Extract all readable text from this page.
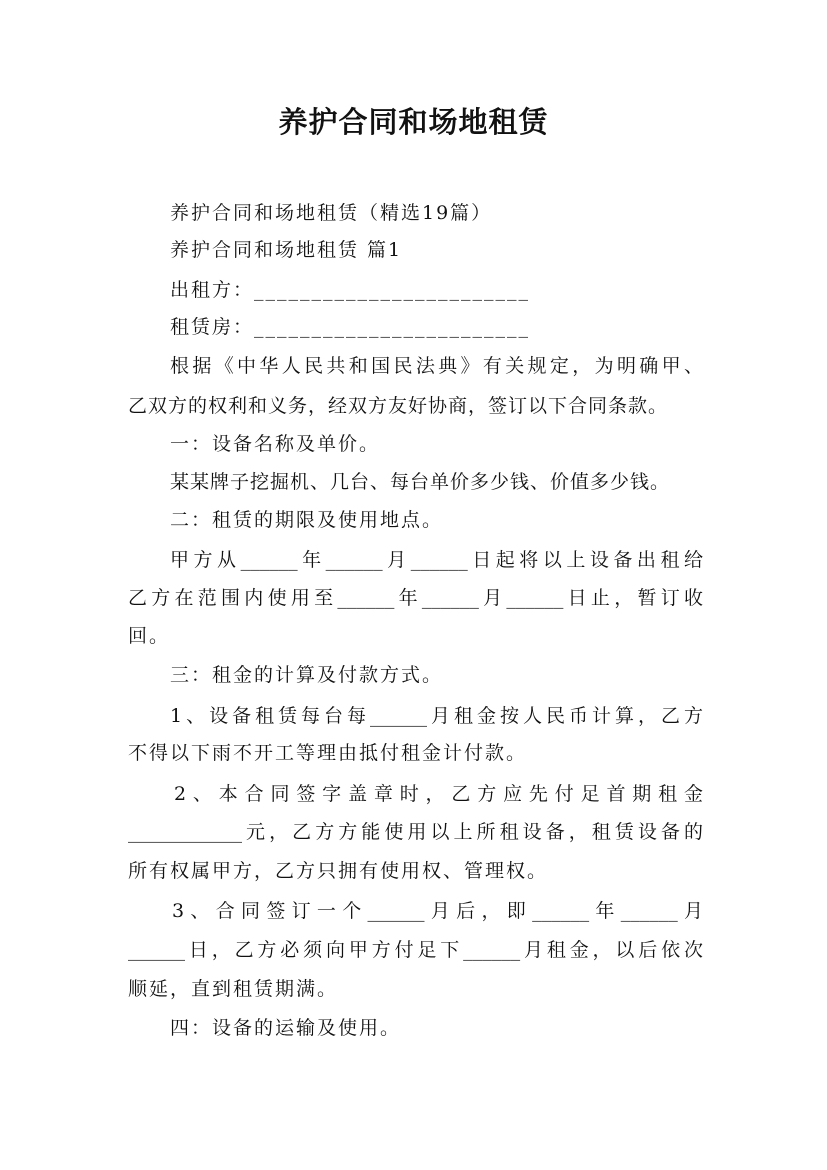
养护合同和场地租赁
养护合同和场地租赁（精选19篇）
养护合同和场地租赁 篇1
出租方：________________________
租赁房：________________________
根据《中华人民共和国民法典》有关规定，为明确甲、
乙双方的权利和义务，经双方友好协商，签订以下合同条款。
一：设备名称及单价。
某某牌子挖掘机、几台、每台单价多少钱、价值多少钱。
二：租赁的期限及使用地点。
甲方从______年______月______日起将以上设备出租给
乙方在范围内使用至______年______月______日止，暂订收
回。
三：租金的计算及付款方式。
1、设备租赁每台每______月租金按人民币计算，乙方
不得以下雨不开工等理由抵付租金计付款。
2、本合同签字盖章时，乙方应先付足首期租金
____________元，乙方方能使用以上所租设备，租赁设备的
所有权属甲方，乙方只拥有使用权、管理权。
3、合同签订一个______月后，即______年______月
______日，乙方必须向甲方付足下______月租金，以后依次
顺延，直到租赁期满。
四：设备的运输及使用。
